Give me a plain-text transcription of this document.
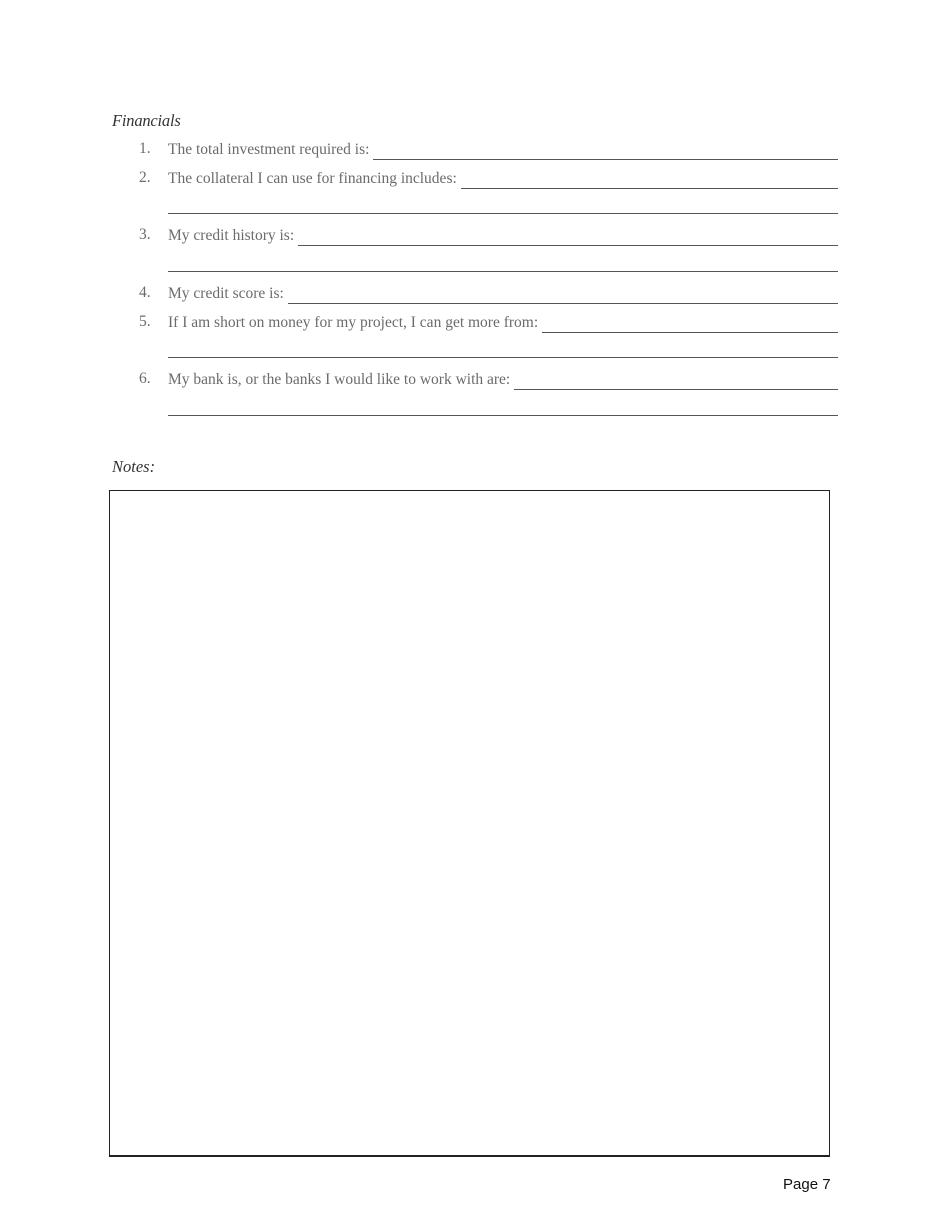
Financials
1.	The total investment required is:
2.	The collateral I can use for financing includes:
3.	My credit history is:
4.	My credit score is:
5.	If I am short on money for my project, I can get more from:
6.	My bank is, or the banks I would like to work with are:
Notes:
Page 7
